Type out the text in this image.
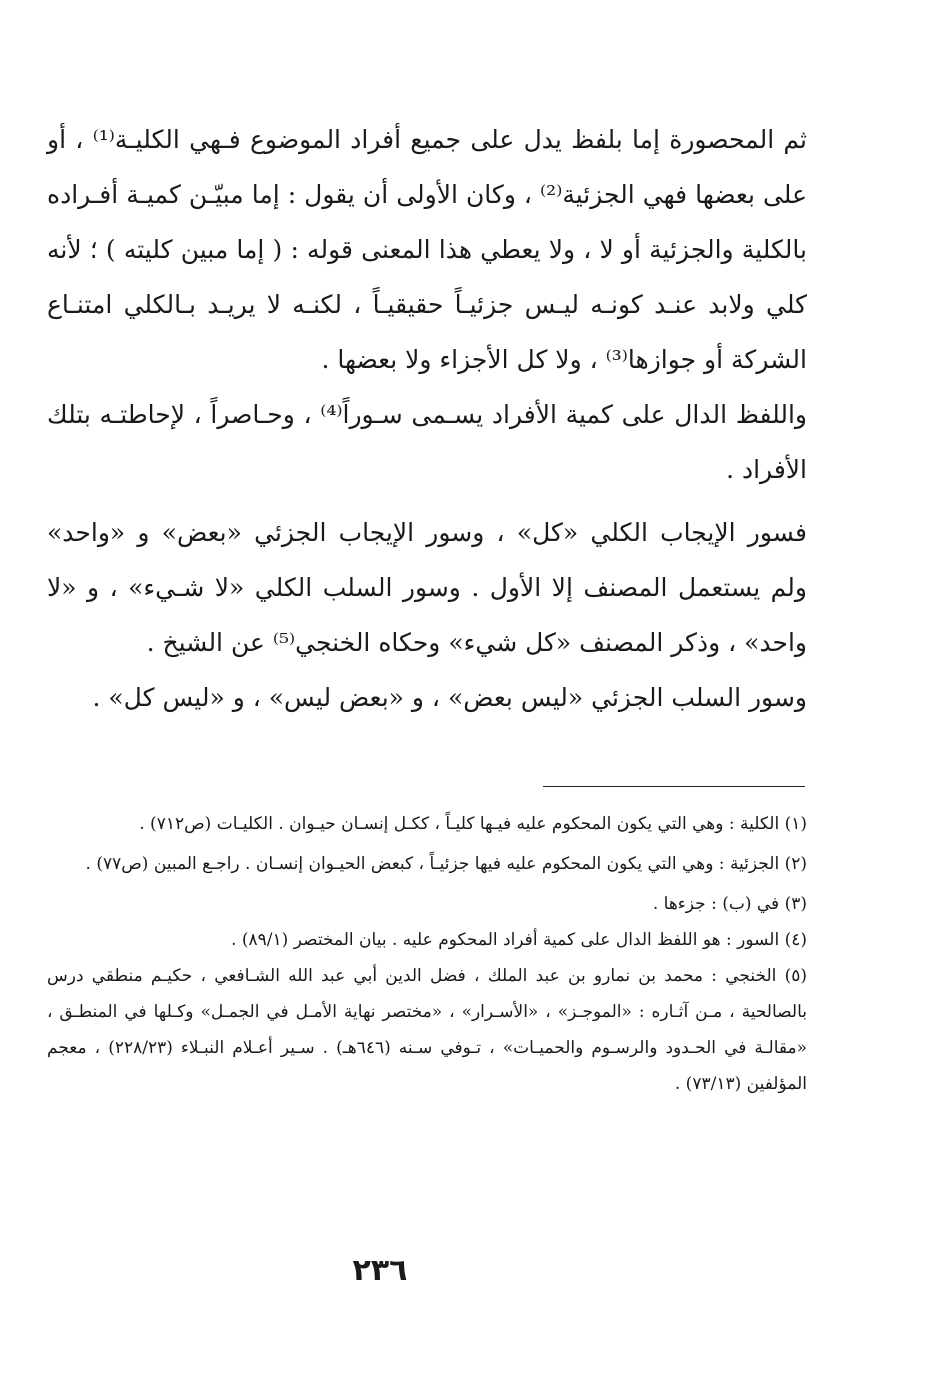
ثم المحصورة إما بلفظ يدل على جميع أفراد الموضوع فـهي الكليـة⁽¹⁾ ، أو على بعضها فهي الجزئية⁽²⁾ ، وكان الأولى أن يقول : إما مبيّـن كميـة أفـراده بالكلية والجزئية أو لا ، ولا يعطي هذا المعنى قوله : ( إما مبين كليته ) ؛ لأنه كلي ولابد عنـد كونـه ليـس جزئيـاً حقيقيـاً ، لكنـه لا يريـد بـالكلي امتنـاع الشركة أو جوازها⁽³⁾ ، ولا كل الأجزاء ولا بعضها .

واللفظ الدال على كمية الأفراد يسـمى سـوراً⁽⁴⁾ ، وحـاصراً ، لإحاطتـه بتلك الأفراد .

فسور الإيجاب الكلي «كل» ، وسور الإيجاب الجزئي «بعض» و «واحد» ولم يستعمل المصنف إلا الأول . وسور السلب الكلي «لا شـيء» ، و «لا واحد» ، وذكر المصنف «كل شيء» وحكاه الخنجي⁽⁵⁾ عن الشيخ .

وسور السلب الجزئي «ليس بعض» ، و «بعض ليس» ، و «ليس كل» .

(١) الكلية : وهي التي يكون المحكوم عليه فيـها كليـاً ، ككـل إنسـان حيـوان . الكليـات (ص٧١٢) .

(٢) الجزئية : وهي التي يكون المحكوم عليه فيها جزئيـاً ، كبعض الحيـوان إنسـان . راجـع المبين (ص٧٧) .

(٣) في (ب) : جزءها .

(٤) السور : هو اللفظ الدال على كمية أفراد المحكوم عليه . بيان المختصر (٨٩/١) .

(٥) الخنجي : محمد بن نمارو بن عبد الملك ، فضل الدين أبي عبد الله الشـافعي ، حكيـم منطقي درس بالصالحية ، مـن آثـاره : «الموجـز» ، «الأسـرار» ، «مختصر نهاية الأمـل في الجمـل» وكـلها في المنطـق ، «مقالـة في الحـدود والرسـوم والحميـات» ، تـوفي سـنه (٦٤٦هـ) . سـير أعـلام النبـلاء (٢٢٨/٢٣) ، معجم المؤلفين (٧٣/١٣) .

٢٣٦
